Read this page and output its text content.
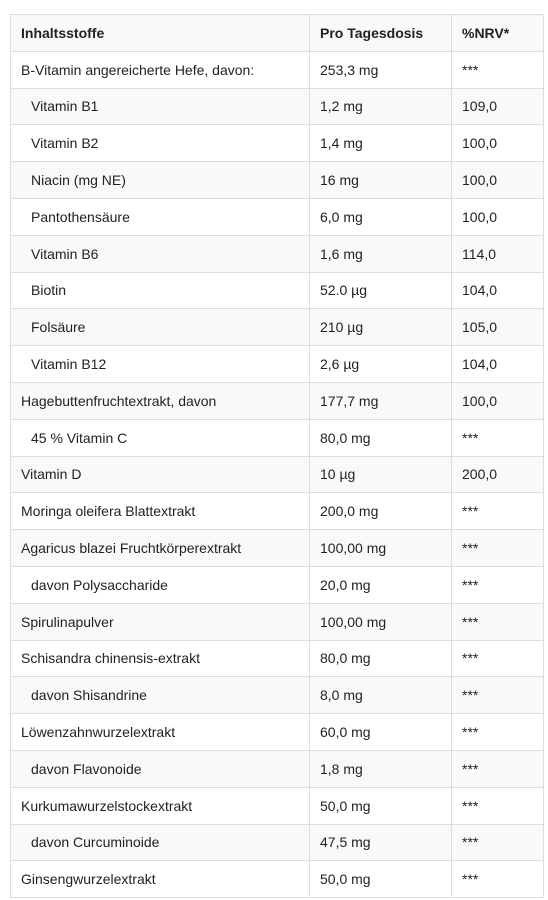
Inhaltsstoffe	Pro Tagesdosis	%NRV*
B-Vitamin angereicherte Hefe, davon:	253,3 mg	***
Vitamin B1	1,2 mg	109,0
Vitamin B2	1,4 mg	100,0
Niacin (mg NE)	16 mg	100,0
Pantothensäure	6,0 mg	100,0
Vitamin B6	1,6 mg	114,0
Biotin	52.0 µg	104,0
Folsäure	210 µg	105,0
Vitamin B12	2,6 µg	104,0
Hagebuttenfruchtextrakt, davon	177,7 mg	100,0
45 % Vitamin C	80,0 mg	***
Vitamin D	10 µg	200,0
Moringa oleifera Blattextrakt	200,0 mg	***
Agaricus blazei Fruchtkörperextrakt	100,00 mg	***
davon Polysaccharide	20,0 mg	***
Spirulinapulver	100,00 mg	***
Schisandra chinensis-extrakt	80,0 mg	***
davon Shisandrine	8,0 mg	***
Löwenzahnwurzelextrakt	60,0 mg	***
davon Flavonoide	1,8 mg	***
Kurkumawurzelstockextrakt	50,0 mg	***
davon Curcuminoide	47,5 mg	***
Ginsengwurzelextrakt	50,0 mg	***
